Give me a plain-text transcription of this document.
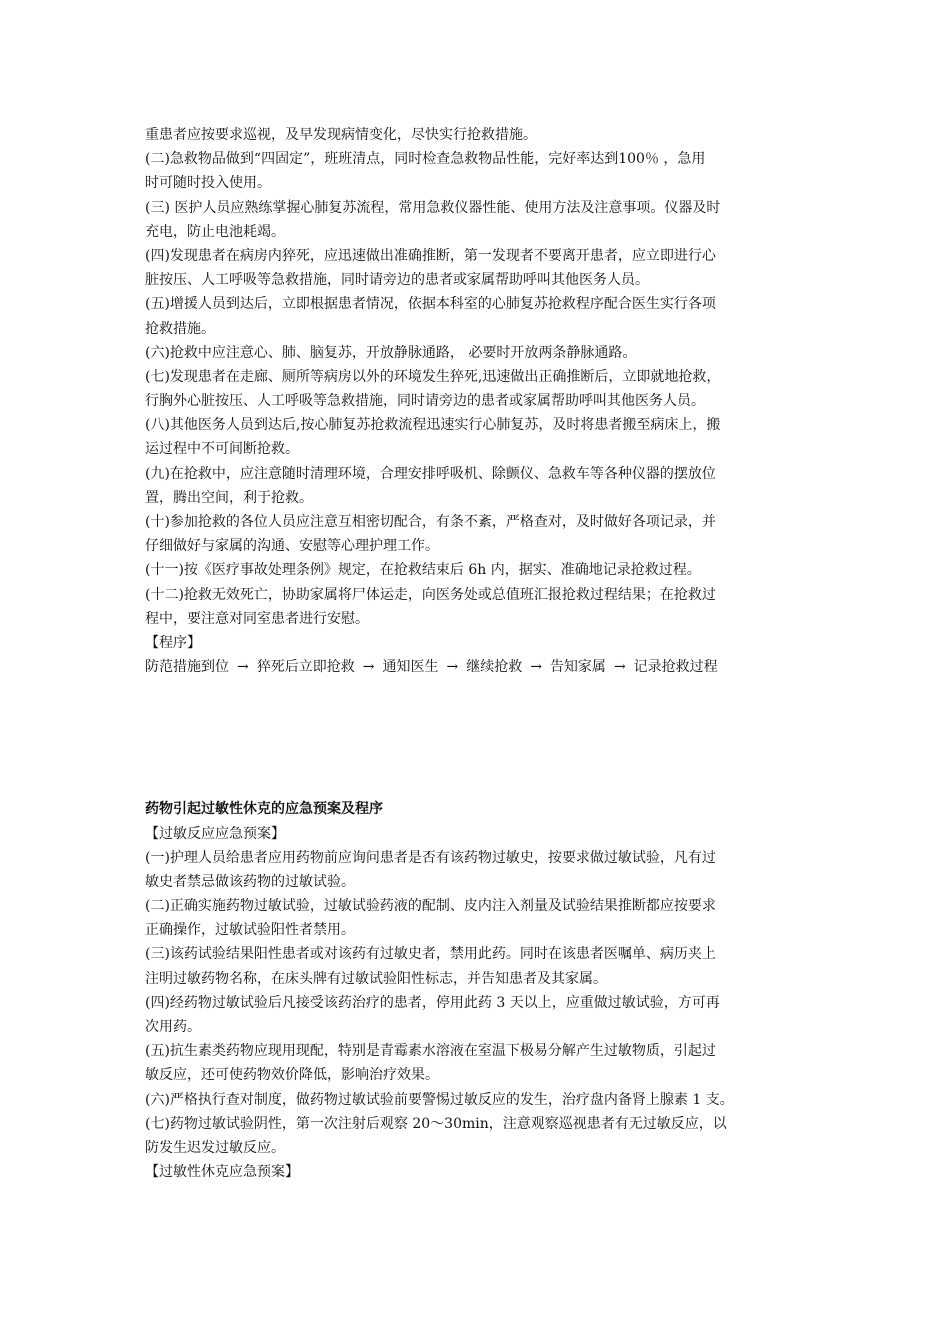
重患者应按要求巡视，及早发现病情变化，尽快实行抢救措施。
(二)急救物品做到“四固定”，班班清点，同时检查急救物品性能，完好率达到100％ ，急用
时可随时投入使用。
(三) 医护人员应熟练掌握心肺复苏流程，常用急救仪器性能、使用方法及注意事项。仪器及时
充电，防止电池耗竭。
(四)发现患者在病房内猝死，应迅速做出准确推断，第一发现者不要离开患者，应立即进行心
脏按压、人工呼吸等急救措施，同时请旁边的患者或家属帮助呼叫其他医务人员。
(五)增援人员到达后，立即根据患者情况，依据本科室的心肺复苏抢救程序配合医生实行各项
抢救措施。
(六)抢救中应注意心、肺、脑复苏，开放静脉通路， 必要时开放两条静脉通路。
(七)发现患者在走廊、厕所等病房以外的环境发生猝死,迅速做出正确推断后，立即就地抢救，
行胸外心脏按压、人工呼吸等急救措施，同时请旁边的患者或家属帮助呼叫其他医务人员。
(八)其他医务人员到达后,按心肺复苏抢救流程迅速实行心肺复苏，及时将患者搬至病床上，搬
运过程中不可间断抢救。
(九)在抢救中，应注意随时清理环境，合理安排呼吸机、除颤仪、急救车等各种仪器的摆放位
置，腾出空间，利于抢救。
(十)参加抢救的各位人员应注意互相密切配合，有条不紊，严格查对，及时做好各项记录，并
仔细做好与家属的沟通、安慰等心理护理工作。
(十一)按《医疗事故处理条例》规定，在抢救结束后 6h 内，据实、准确地记录抢救过程。
(十二)抢救无效死亡，协助家属将尸体运走，向医务处或总值班汇报抢救过程结果；在抢救过
程中，要注意对同室患者进行安慰。
【程序】
防范措施到位 → 猝死后立即抢救 → 通知医生 → 继续抢救 → 告知家属 → 记录抢救过程
药物引起过敏性休克的应急预案及程序
【过敏反应应急预案】
(一)护理人员给患者应用药物前应询问患者是否有该药物过敏史，按要求做过敏试验，凡有过
敏史者禁忌做该药物的过敏试验。
(二)正确实施药物过敏试验，过敏试验药液的配制、皮内注入剂量及试验结果推断都应按要求
正确操作，过敏试验阳性者禁用。
(三)该药试验结果阳性患者或对该药有过敏史者，禁用此药。同时在该患者医嘱单、病历夹上
注明过敏药物名称，在床头牌有过敏试验阳性标志，并告知患者及其家属。
(四)经药物过敏试验后凡接受该药治疗的患者，停用此药 3 天以上，应重做过敏试验，方可再
次用药。
(五)抗生素类药物应现用现配，特别是青霉素水溶液在室温下极易分解产生过敏物质，引起过
敏反应，还可使药物效价降低，影响治疗效果。
(六)严格执行查对制度，做药物过敏试验前要警惕过敏反应的发生，治疗盘内备肾上腺素 1 支。
(七)药物过敏试验阴性，第一次注射后观察 20～30min，注意观察巡视患者有无过敏反应，以
防发生迟发过敏反应。
【过敏性休克应急预案】
